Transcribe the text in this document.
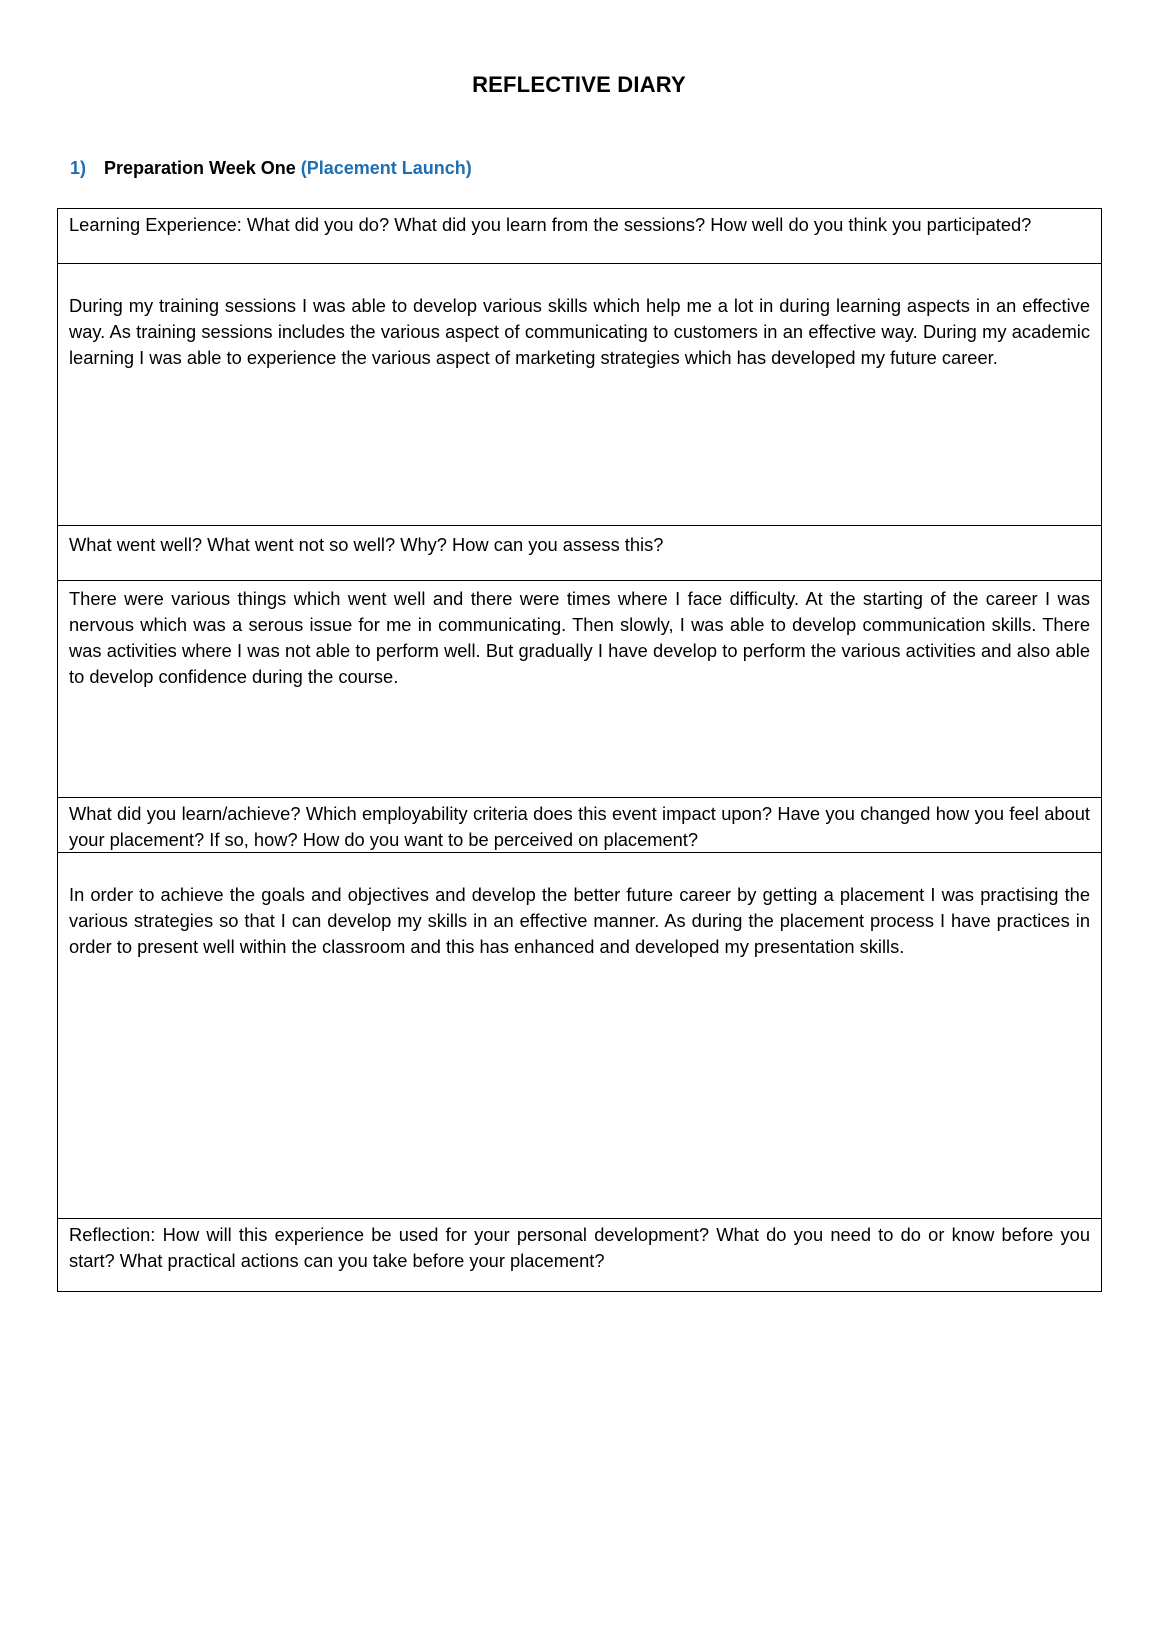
REFLECTIVE DIARY
1) Preparation Week One (Placement Launch)
Learning Experience: What did you do? What did you learn from the sessions? How well do you think you participated?
During my training sessions I was able to develop various skills which help me a lot in during learning aspects in an effective way. As training sessions includes the various aspect of communicating to customers in an effective way. During my academic learning I was able to experience the various aspect of marketing strategies which has developed my future career.
What went well? What went not so well? Why? How can you assess this?
There were various things which went well and there were times where I face difficulty. At the starting of the career I was nervous which was a serous issue for me in communicating. Then slowly, I was able to develop communication skills. There was activities where I was not able to perform well. But gradually I have develop to perform the various activities and also able to develop confidence during the course.
What did you learn/achieve? Which employability criteria does this event impact upon? Have you changed how you feel about your placement? If so, how? How do you want to be perceived on placement?
In order to achieve the goals and objectives and develop the better future career by getting a placement I was practising the various strategies so that I can develop my skills in an effective manner. As during the placement process I have practices in order to present well within the classroom and this has enhanced and developed my presentation skills.
Reflection: How will this experience be used for your personal development? What do you need to do or know before you start? What practical actions can you take before your placement?
